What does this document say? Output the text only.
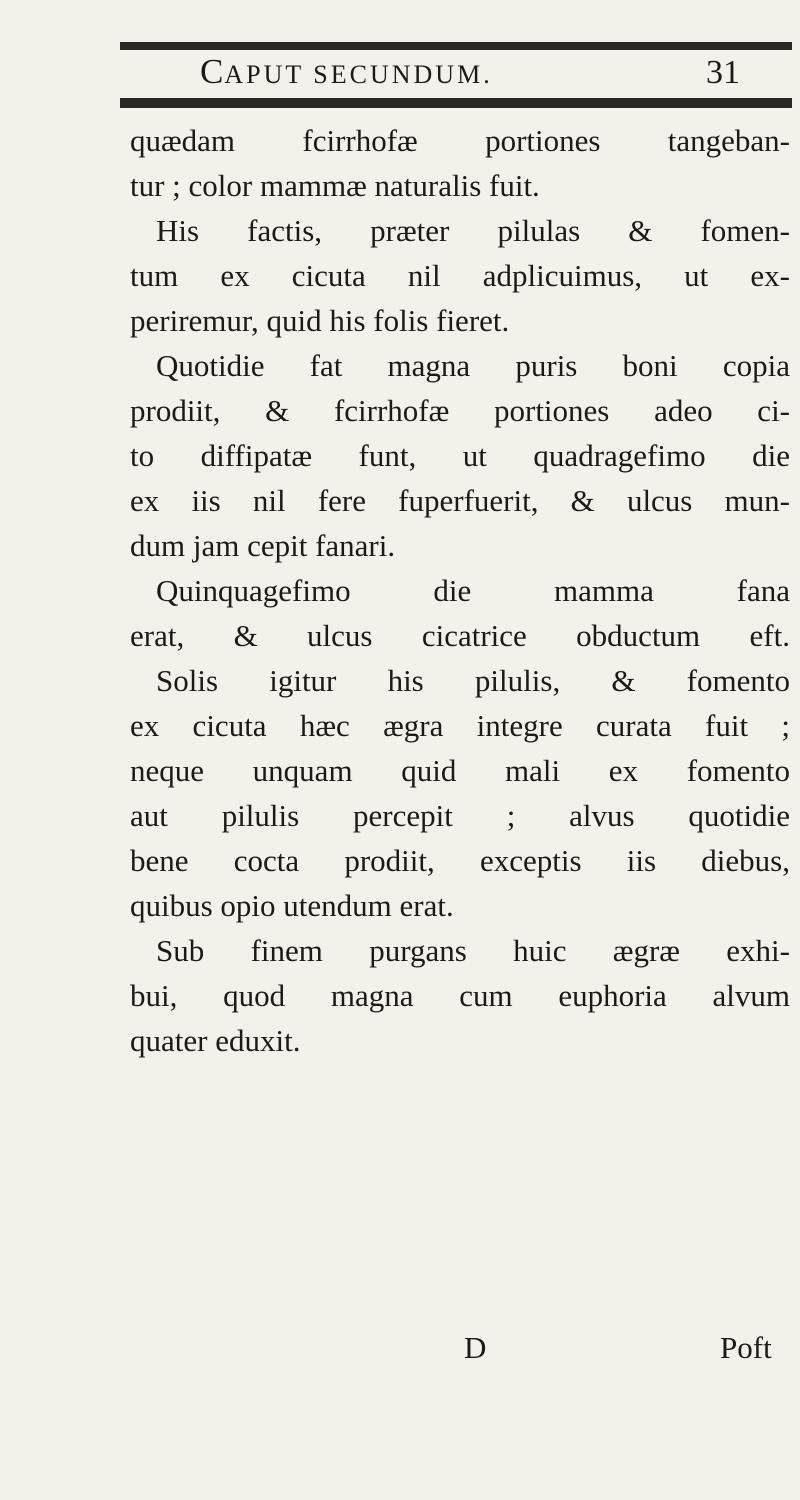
CAPUT SECUNDUM.	31
quædam fcirrhofæ portiones tangeban-
tur ; color mammæ naturalis fuit.
His factis, præter pilulas & fomen-
tum ex cicuta nil adplicuimus, ut ex-
periremur, quid his folis fieret.
Quotidie fat magna puris boni copia
prodiit, & fcirrhofæ portiones adeo ci-
to diffipatæ funt, ut quadragefimo die
ex iis nil fere fuperfuerit, & ulcus mun-
dum jam cepit fanari.
Quinquagefimo die mamma fana
erat, & ulcus cicatrice obductum eft.
Solis igitur his pilulis, & fomento
ex cicuta hæc ægra integre curata fuit ;
neque unquam quid mali ex fomento
aut pilulis percepit ; alvus quotidie
bene cocta prodiit, exceptis iis diebus,
quibus opio utendum erat.
Sub finem purgans huic ægræ exhi-
bui, quod magna cum euphoria alvum
quater eduxit.
D	Poft
